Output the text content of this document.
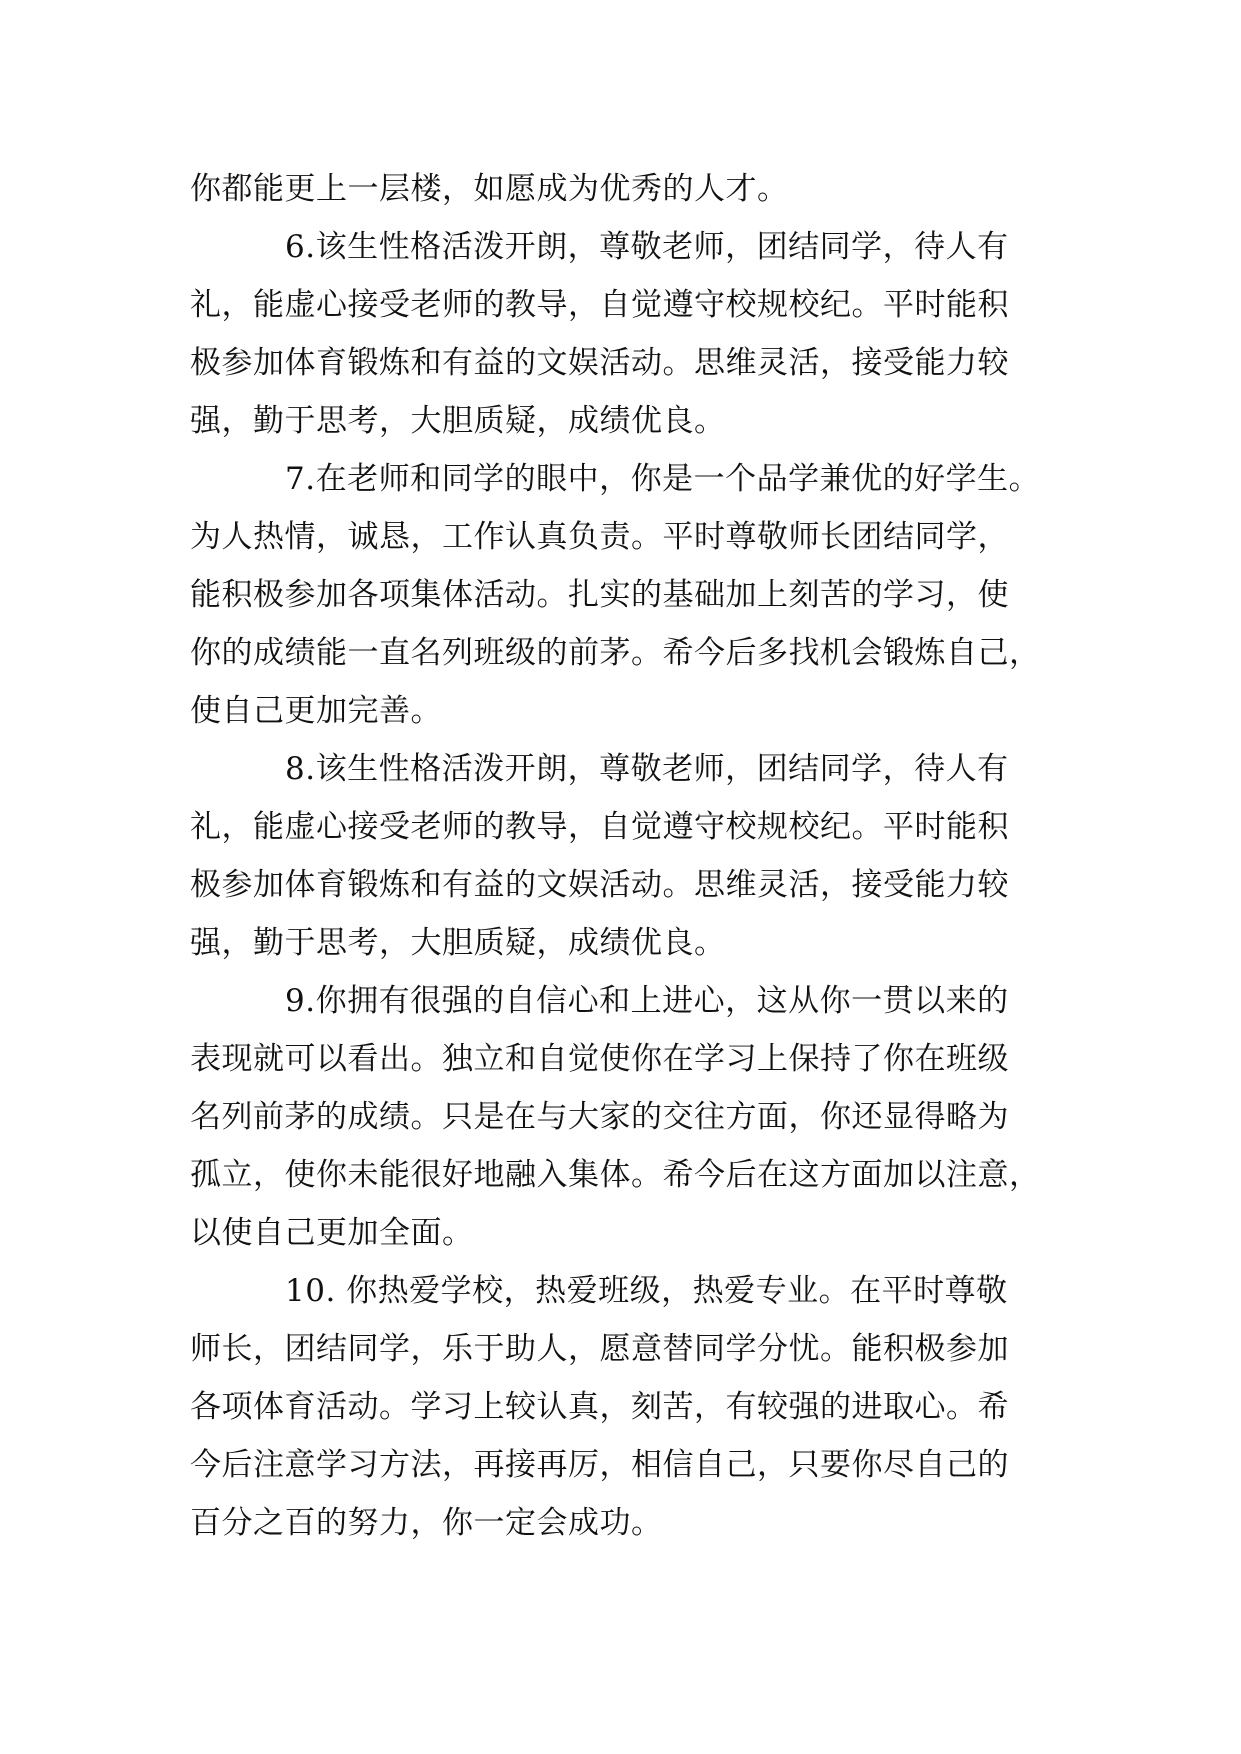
你都能更上一层楼，如愿成为优秀的人才。
6.该生性格活泼开朗，尊敬老师，团结同学，待人有
礼，能虚心接受老师的教导，自觉遵守校规校纪。平时能积
极参加体育锻炼和有益的文娱活动。思维灵活，接受能力较
强，勤于思考，大胆质疑，成绩优良。
7.在老师和同学的眼中，你是一个品学兼优的好学生。
为人热情，诚恳，工作认真负责。平时尊敬师长团结同学，
能积极参加各项集体活动。扎实的基础加上刻苦的学习，使
你的成绩能一直名列班级的前茅。希今后多找机会锻炼自己，
使自己更加完善。
8.该生性格活泼开朗，尊敬老师，团结同学，待人有
礼，能虚心接受老师的教导，自觉遵守校规校纪。平时能积
极参加体育锻炼和有益的文娱活动。思维灵活，接受能力较
强，勤于思考，大胆质疑，成绩优良。
9.你拥有很强的自信心和上进心，这从你一贯以来的
表现就可以看出。独立和自觉使你在学习上保持了你在班级
名列前茅的成绩。只是在与大家的交往方面，你还显得略为
孤立，使你未能很好地融入集体。希今后在这方面加以注意，
以使自己更加全面。
10. 你热爱学校，热爱班级，热爱专业。在平时尊敬
师长，团结同学，乐于助人，愿意替同学分忧。能积极参加
各项体育活动。学习上较认真，刻苦，有较强的进取心。希
今后注意学习方法，再接再厉，相信自己，只要你尽自己的
百分之百的努力，你一定会成功。
